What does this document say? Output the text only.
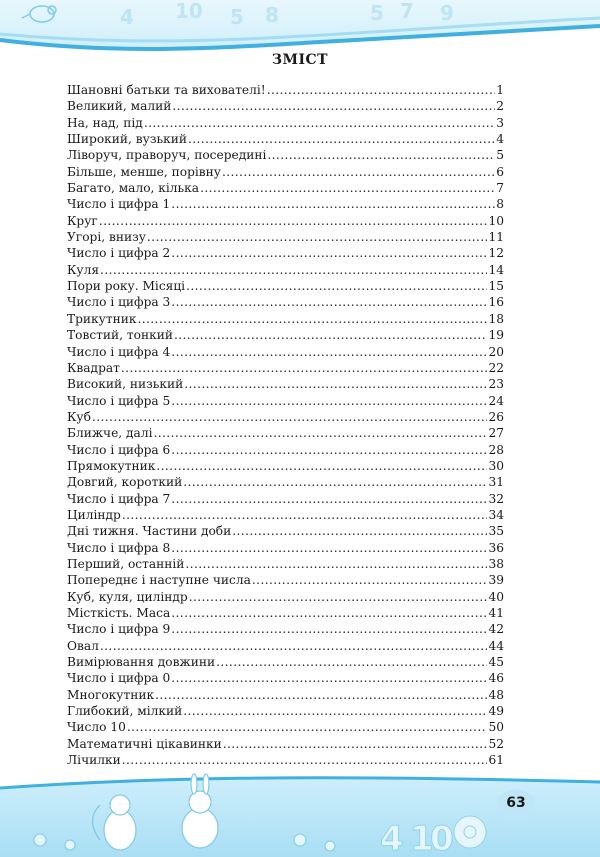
4 10 5 8	5 7 9
ЗМІСТ
Шановні батьки та вихователі! .....	1
Великий, малий .....	2
На, над, під .....	3
Широкий, вузький .....	4
Ліворуч, праворуч, посередині .....	5
Більше, менше, порівну .....	6
Багато, мало, кілька .....	7
Число і цифра 1 .....	8
Круг .....	10
Угорі, внизу .....	11
Число і цифра 2 .....	12
Куля .....	14
Пори року. Місяці .....	15
Число і цифра 3 .....	16
Трикутник .....	18
Товстий, тонкий .....	19
Число і цифра 4 .....	20
Квадрат .....	22
Високий, низький .....	23
Число і цифра 5 .....	24
Куб .....	26
Ближче, далі .....	27
Число і цифра 6 .....	28
Прямокутник .....	30
Довгий, короткий .....	31
Число і цифра 7 .....	32
Циліндр .....	34
Дні тижня. Частини доби .....	35
Число і цифра 8 .....	36
Перший, останній .....	38
Попереднє і наступне числа .....	39
Куб, куля, циліндр .....	40
Місткість. Маса .....	41
Число і цифра 9 .....	42
Овал .....	44
Вимірювання довжини .....	45
Число і цифра 0 .....	46
Многокутник .....	48
Глибокий, мілкий .....	49
Число 10 .....	50
Математичні цікавинки .....	52
Лічилки .....	61
4 1
0
63
